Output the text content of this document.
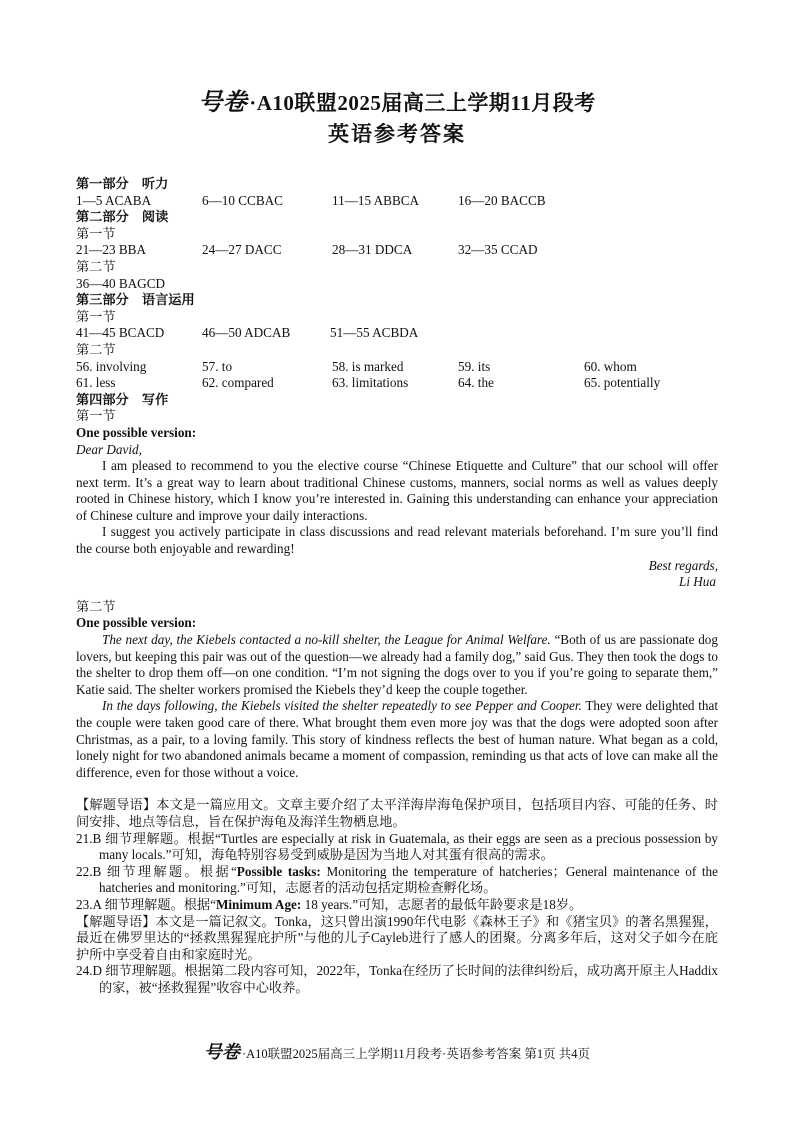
号卷·A10联盟2025届高三上学期11月段考
英语参考答案
第一部分　听力
1—5 ACABA	6—10 CCBAC	11—15 ABBCA	16—20 BACCB
第二部分　阅读
第一节
21—23 BBA	24—27 DACC	28—31 DDCA	32—35 CCAD
第二节
36—40 BAGCD
第三部分　语言运用
第一节
41—45 BCACD	46—50 ADCAB	51—55 ACBDA
第二节
56. involving	57. to	58. is marked	59. its	60. whom
61. less	62. compared	63. limitations	64. the	65. potentially
第四部分　写作
第一节
One possible version:
Dear David,

I am pleased to recommend to you the elective course “Chinese Etiquette and Culture” that our school will offer next term. It’s a great way to learn about traditional Chinese customs, manners, social norms as well as values deeply rooted in Chinese history, which I know you’re interested in. Gaining this understanding can enhance your appreciation of Chinese culture and improve your daily interactions.

I suggest you actively participate in class discussions and read relevant materials beforehand. I’m sure you’ll find the course both enjoyable and rewarding!

Best regards,
Li Hua
第二节
One possible version:

The next day, the Kiebels contacted a no-kill shelter, the League for Animal Welfare. “Both of us are passionate dog lovers, but keeping this pair was out of the question—we already had a family dog,” said Gus. They then took the dogs to the shelter to drop them off—on one condition. “I’m not signing the dogs over to you if you’re going to separate them,” Katie said. The shelter workers promised the Kiebels they’d keep the couple together.

In the days following, the Kiebels visited the shelter repeatedly to see Pepper and Cooper. They were delighted that the couple were taken good care of there. What brought them even more joy was that the dogs were adopted soon after Christmas, as a pair, to a loving family. This story of kindness reflects the best of human nature. What began as a cold, lonely night for two abandoned animals became a moment of compassion, reminding us that acts of love can make all the difference, even for those without a voice.

【解题导语】本文是一篇应用文。文章主要介绍了太平洋海岸海龟保护项目，包括项目内容、可能的任务、时间安排、地点等信息，旨在保护海龟及海洋生物栖息地。

21.B 细节理解题。根据“Turtles are especially at risk in Guatemala, as their eggs are seen as a precious possession by many locals.”可知，海龟特别容易受到威胁是因为当地人对其蛋有很高的需求。

22.B 细节理解题。根据“Possible tasks: Monitoring the temperature of hatcheries；General maintenance of the hatcheries and monitoring.”可知，志愿者的活动包括定期检查孵化场。

23.A 细节理解题。根据“Minimum Age: 18 years.”可知，志愿者的最低年龄要求是18岁。

【解题导语】本文是一篇记叙文。Tonka，这只曾出演1990年代电影《森林王子》和《猪宝贝》的著名黑猩猩，最近在佛罗里达的“拯救黑猩猩庇护所”与他的儿子Cayleb进行了感人的团聚。分离多年后，这对父子如今在庇护所中享受着自由和家庭时光。

24.D 细节理解题。根据第二段内容可知，2022年，Tonka在经历了长时间的法律纠纷后，成功离开原主人Haddix的家，被“拯救猩猩”收容中心收养。

号卷 ·A10联盟2025届高三上学期11月段考·英语参考答案 第1页 共4页
